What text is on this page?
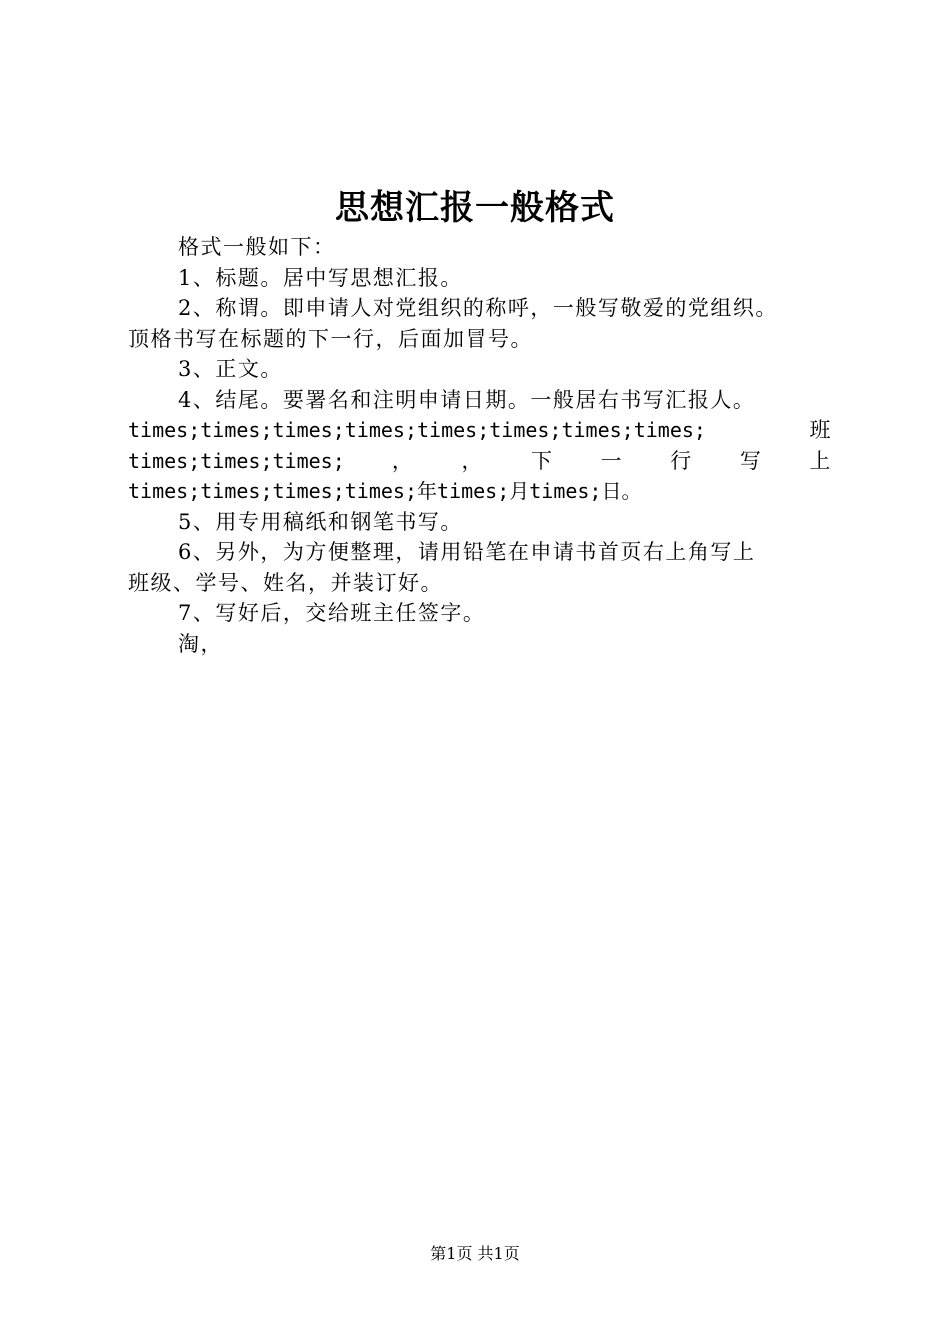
思想汇报一般格式
格式一般如下：
1、标题。居中写思想汇报。
2、称谓。即申请人对党组织的称呼，一般写敬爱的党组织。
顶格书写在标题的下一行，后面加冒号。
3、正文。
4、结尾。要署名和注明申请日期。一般居右书写汇报人。
times;times;times;times;times;times;times;times;	班
times;times;times; ， ， 下 一 行 写 上
times;times;times;times;年times;月times;日。
5、用专用稿纸和钢笔书写。
6、另外，为方便整理，请用铅笔在申请书首页右上角写上
班级、学号、姓名，并装订好。
7、写好后，交给班主任签字。
淘，
第1页 共1页
